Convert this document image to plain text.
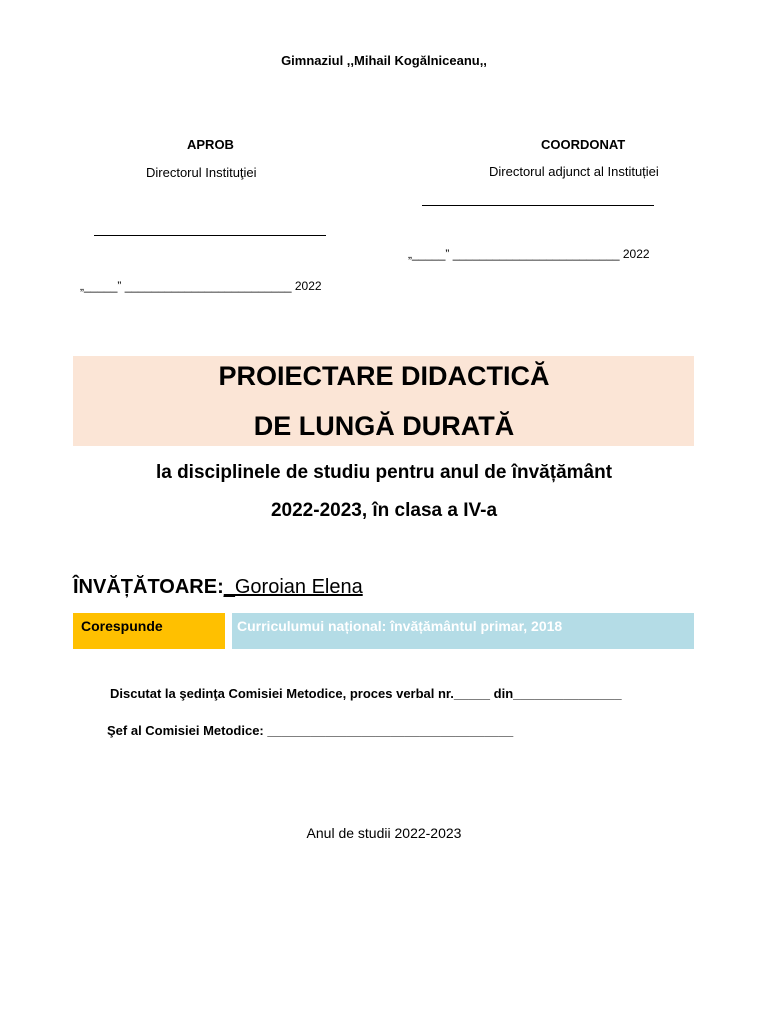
Gimnaziul ,,Mihail Kogălniceanu,,
APROB
Directorul Instituţiei
„_____” _________________________ 2022
COORDONAT
Directorul adjunct al Instituției
„_____” _________________________ 2022
PROIECTARE DIDACTICĂ
DE LUNGĂ DURATĂ
la disciplinele de studiu pentru anul de învățământ
2022-2023, în clasa a IV-a
ÎNVĂȚĂTOARE:_Goroian Elena
Corespunde	Curriculumui național: învățământul primar, 2018
Discutat la şedinţa Comisiei Metodice, proces verbal nr._____ din_______________
Şef al Comisiei Metodice: __________________________________
Anul de studii 2022-2023
